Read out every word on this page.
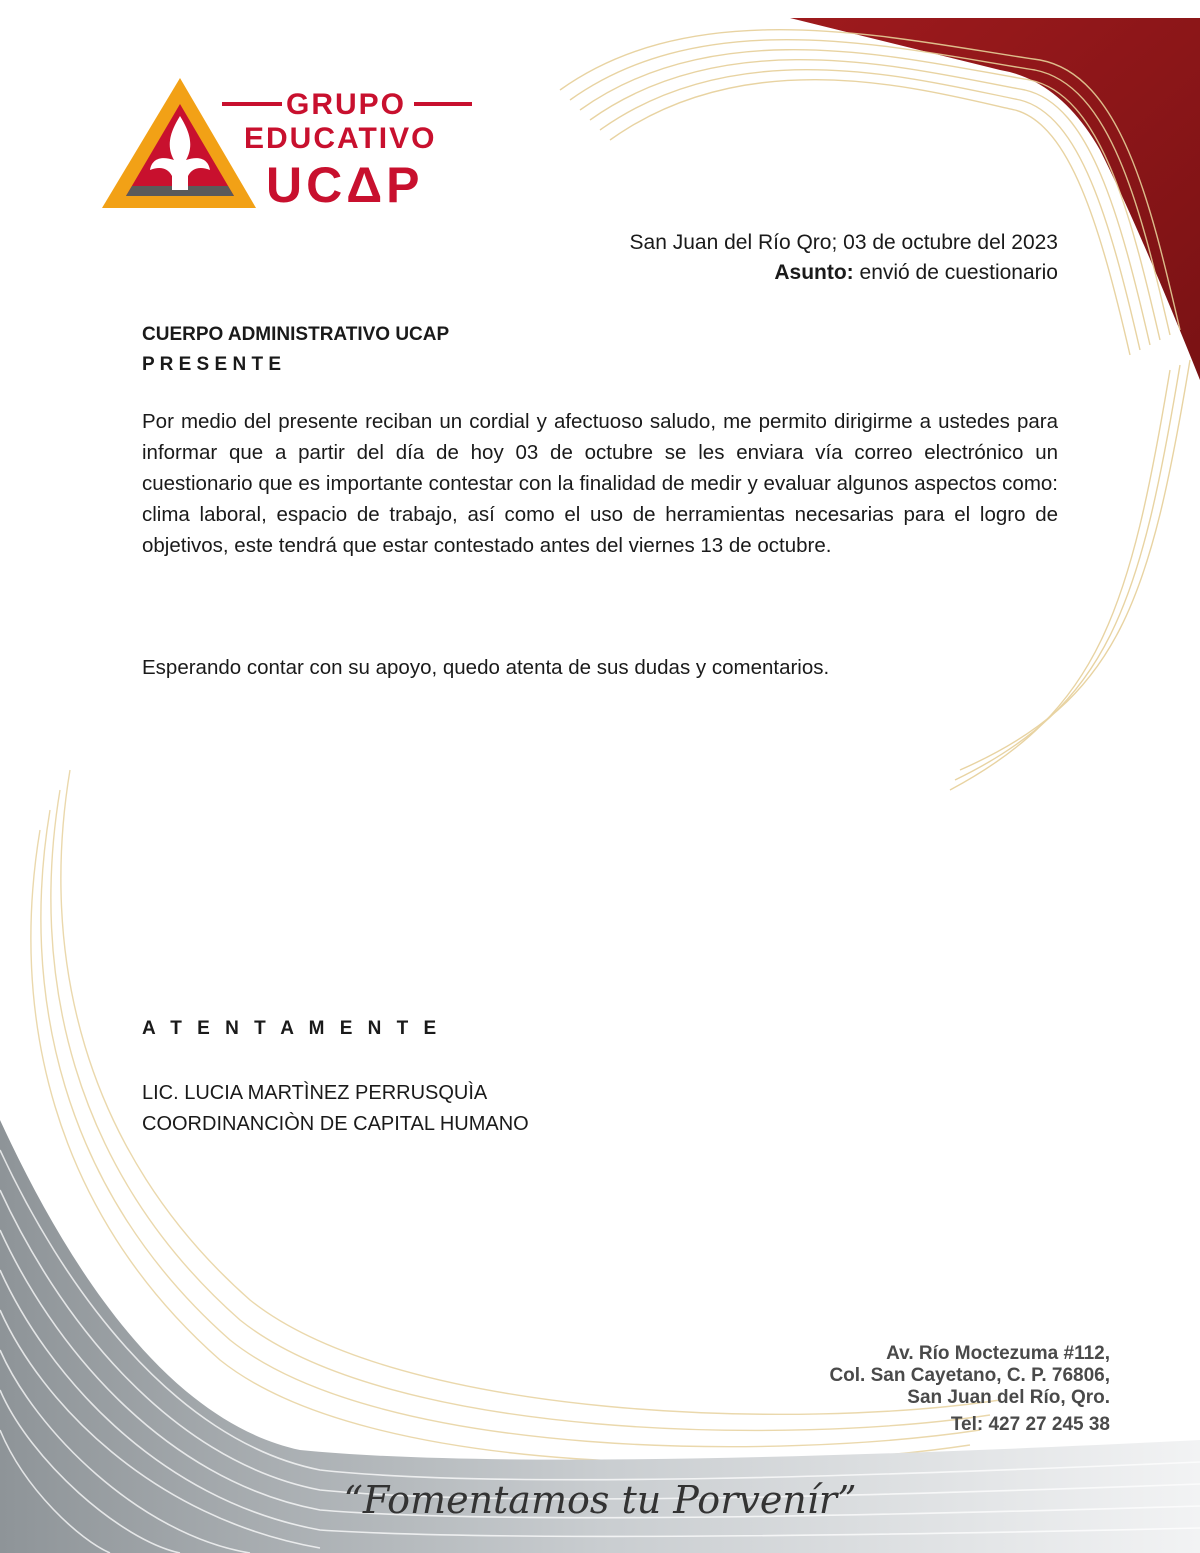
GRUPO
EDUCATIVO
UCΔP
San Juan del Río Qro; 03 de octubre del 2023
Asunto: envió de cuestionario
CUERPO ADMINISTRATIVO UCAP
P R E S E N T E
Por medio del presente reciban un cordial y afectuoso saludo, me permito dirigirme a ustedes para informar que a partir del día de hoy 03 de octubre se les enviara vía correo electrónico un cuestionario que es importante contestar con la finalidad de medir y evaluar algunos aspectos como: clima laboral, espacio de trabajo, así como el uso de herramientas necesarias para el logro de objetivos, este tendrá que estar contestado antes del viernes 13 de octubre.
Esperando contar con su apoyo, quedo atenta de sus dudas y comentarios.
A T E N T A M E N T E
LIC. LUCIA MARTÌNEZ PERRUSQUÌA
COORDINANCIÒN DE CAPITAL HUMANO
Av. Río Moctezuma #112,
Col. San Cayetano, C. P. 76806,
San Juan del Río, Qro.
Tel: 427 27 245 38
“Fomentamos tu Porvenír”
